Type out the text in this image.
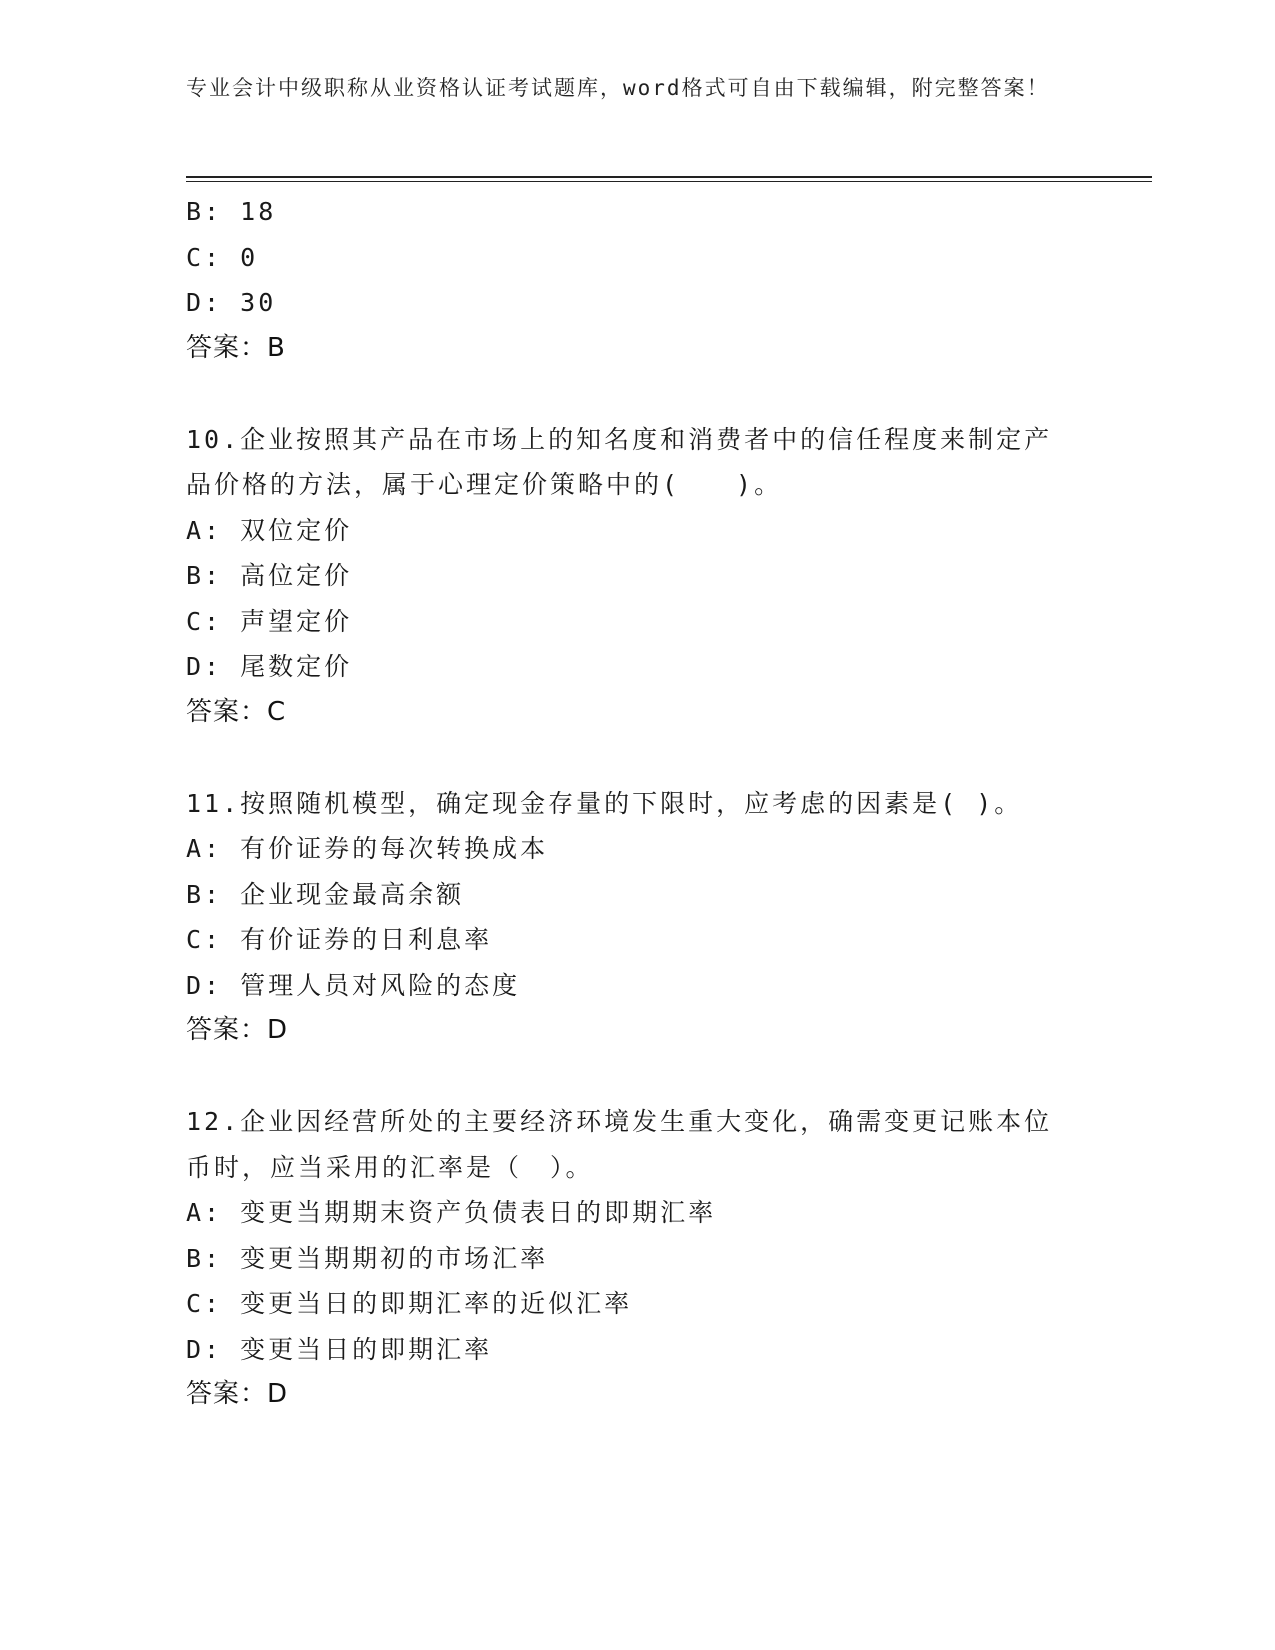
专业会计中级职称从业资格认证考试题库，word格式可自由下载编辑，附完整答案！
B: 18
C: 0
D: 30
答案：B
10.企业按照其产品在市场上的知名度和消费者中的信任程度来制定产品价格的方法，属于心理定价策略中的(　　)。
A: 双位定价
B: 高位定价
C: 声望定价
D: 尾数定价
答案：C
11.按照随机模型，确定现金存量的下限时，应考虑的因素是( )。
A: 有价证券的每次转换成本
B: 企业现金最高余额
C: 有价证券的日利息率
D: 管理人员对风险的态度
答案：D
12.企业因经营所处的主要经济环境发生重大变化，确需变更记账本位币时，应当采用的汇率是（　）。
A: 变更当期期末资产负债表日的即期汇率
B: 变更当期期初的市场汇率
C: 变更当日的即期汇率的近似汇率
D: 变更当日的即期汇率
答案：D
